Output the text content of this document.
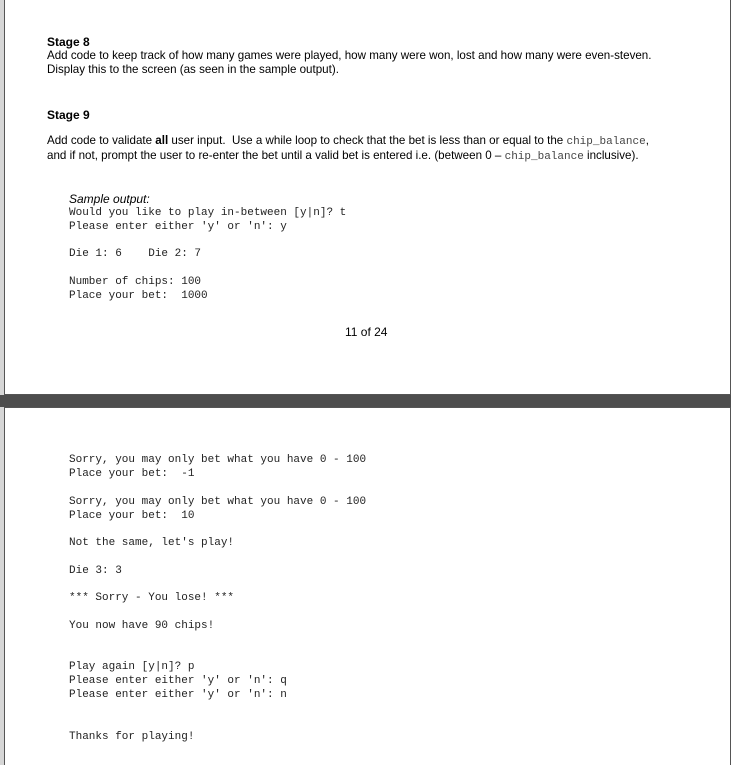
Stage 8
Add code to keep track of how many games were played, how many were won, lost and how many were even-steven.
Display this to the screen (as seen in the sample output).
Stage 9
Add code to validate all user input.  Use a while loop to check that the bet is less than or equal to the chip_balance,
and if not, prompt the user to re-enter the bet until a valid bet is entered i.e. (between 0 – chip_balance inclusive).
Sample output:
Would you like to play in-between [y|n]? t
Please enter either 'y' or 'n': y
Die 1: 6    Die 2: 7
Number of chips: 100
Place your bet:  1000
11 of 24
Sorry, you may only bet what you have 0 - 100
Place your bet:  -1
Sorry, you may only bet what you have 0 - 100
Place your bet:  10
Not the same, let's play!
Die 3: 3
*** Sorry - You lose! ***
You now have 90 chips!
Play again [y|n]? p
Please enter either 'y' or 'n': q
Please enter either 'y' or 'n': n
Thanks for playing!
